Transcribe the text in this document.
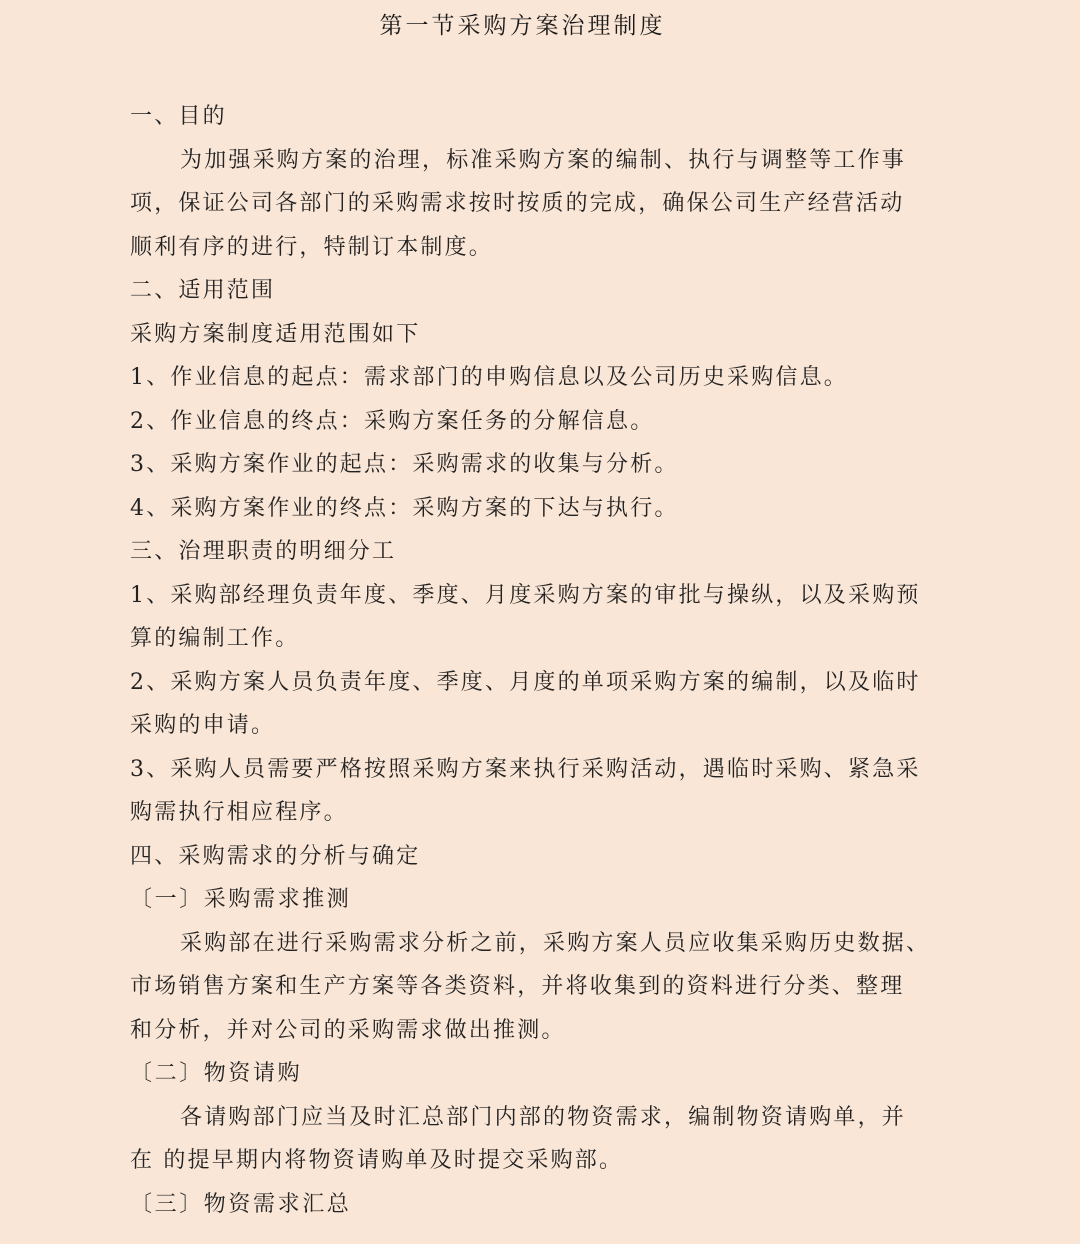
第一节采购方案治理制度
一、目的
为加强采购方案的治理，标准采购方案的编制、执行与调整等工作事
项，保证公司各部门的采购需求按时按质的完成，确保公司生产经营活动
顺利有序的进行，特制订本制度。
二、适用范围
采购方案制度适用范围如下
1、作业信息的起点：需求部门的申购信息以及公司历史采购信息。
2、作业信息的终点：采购方案任务的分解信息。
3、采购方案作业的起点：采购需求的收集与分析。
4、采购方案作业的终点：采购方案的下达与执行。
三、治理职责的明细分工
1、采购部经理负责年度、季度、月度采购方案的审批与操纵，以及采购预
算的编制工作。
2、采购方案人员负责年度、季度、月度的单项采购方案的编制，以及临时
采购的申请。
3、采购人员需要严格按照采购方案来执行采购活动，遇临时采购、紧急采
购需执行相应程序。
四、采购需求的分析与确定
〔一〕采购需求推测
采购部在进行采购需求分析之前，采购方案人员应收集采购历史数据、
市场销售方案和生产方案等各类资料，并将收集到的资料进行分类、整理
和分析，并对公司的采购需求做出推测。
〔二〕物资请购
各请购部门应当及时汇总部门内部的物资需求，编制物资请购单，并
在 的提早期内将物资请购单及时提交采购部。
〔三〕物资需求汇总
